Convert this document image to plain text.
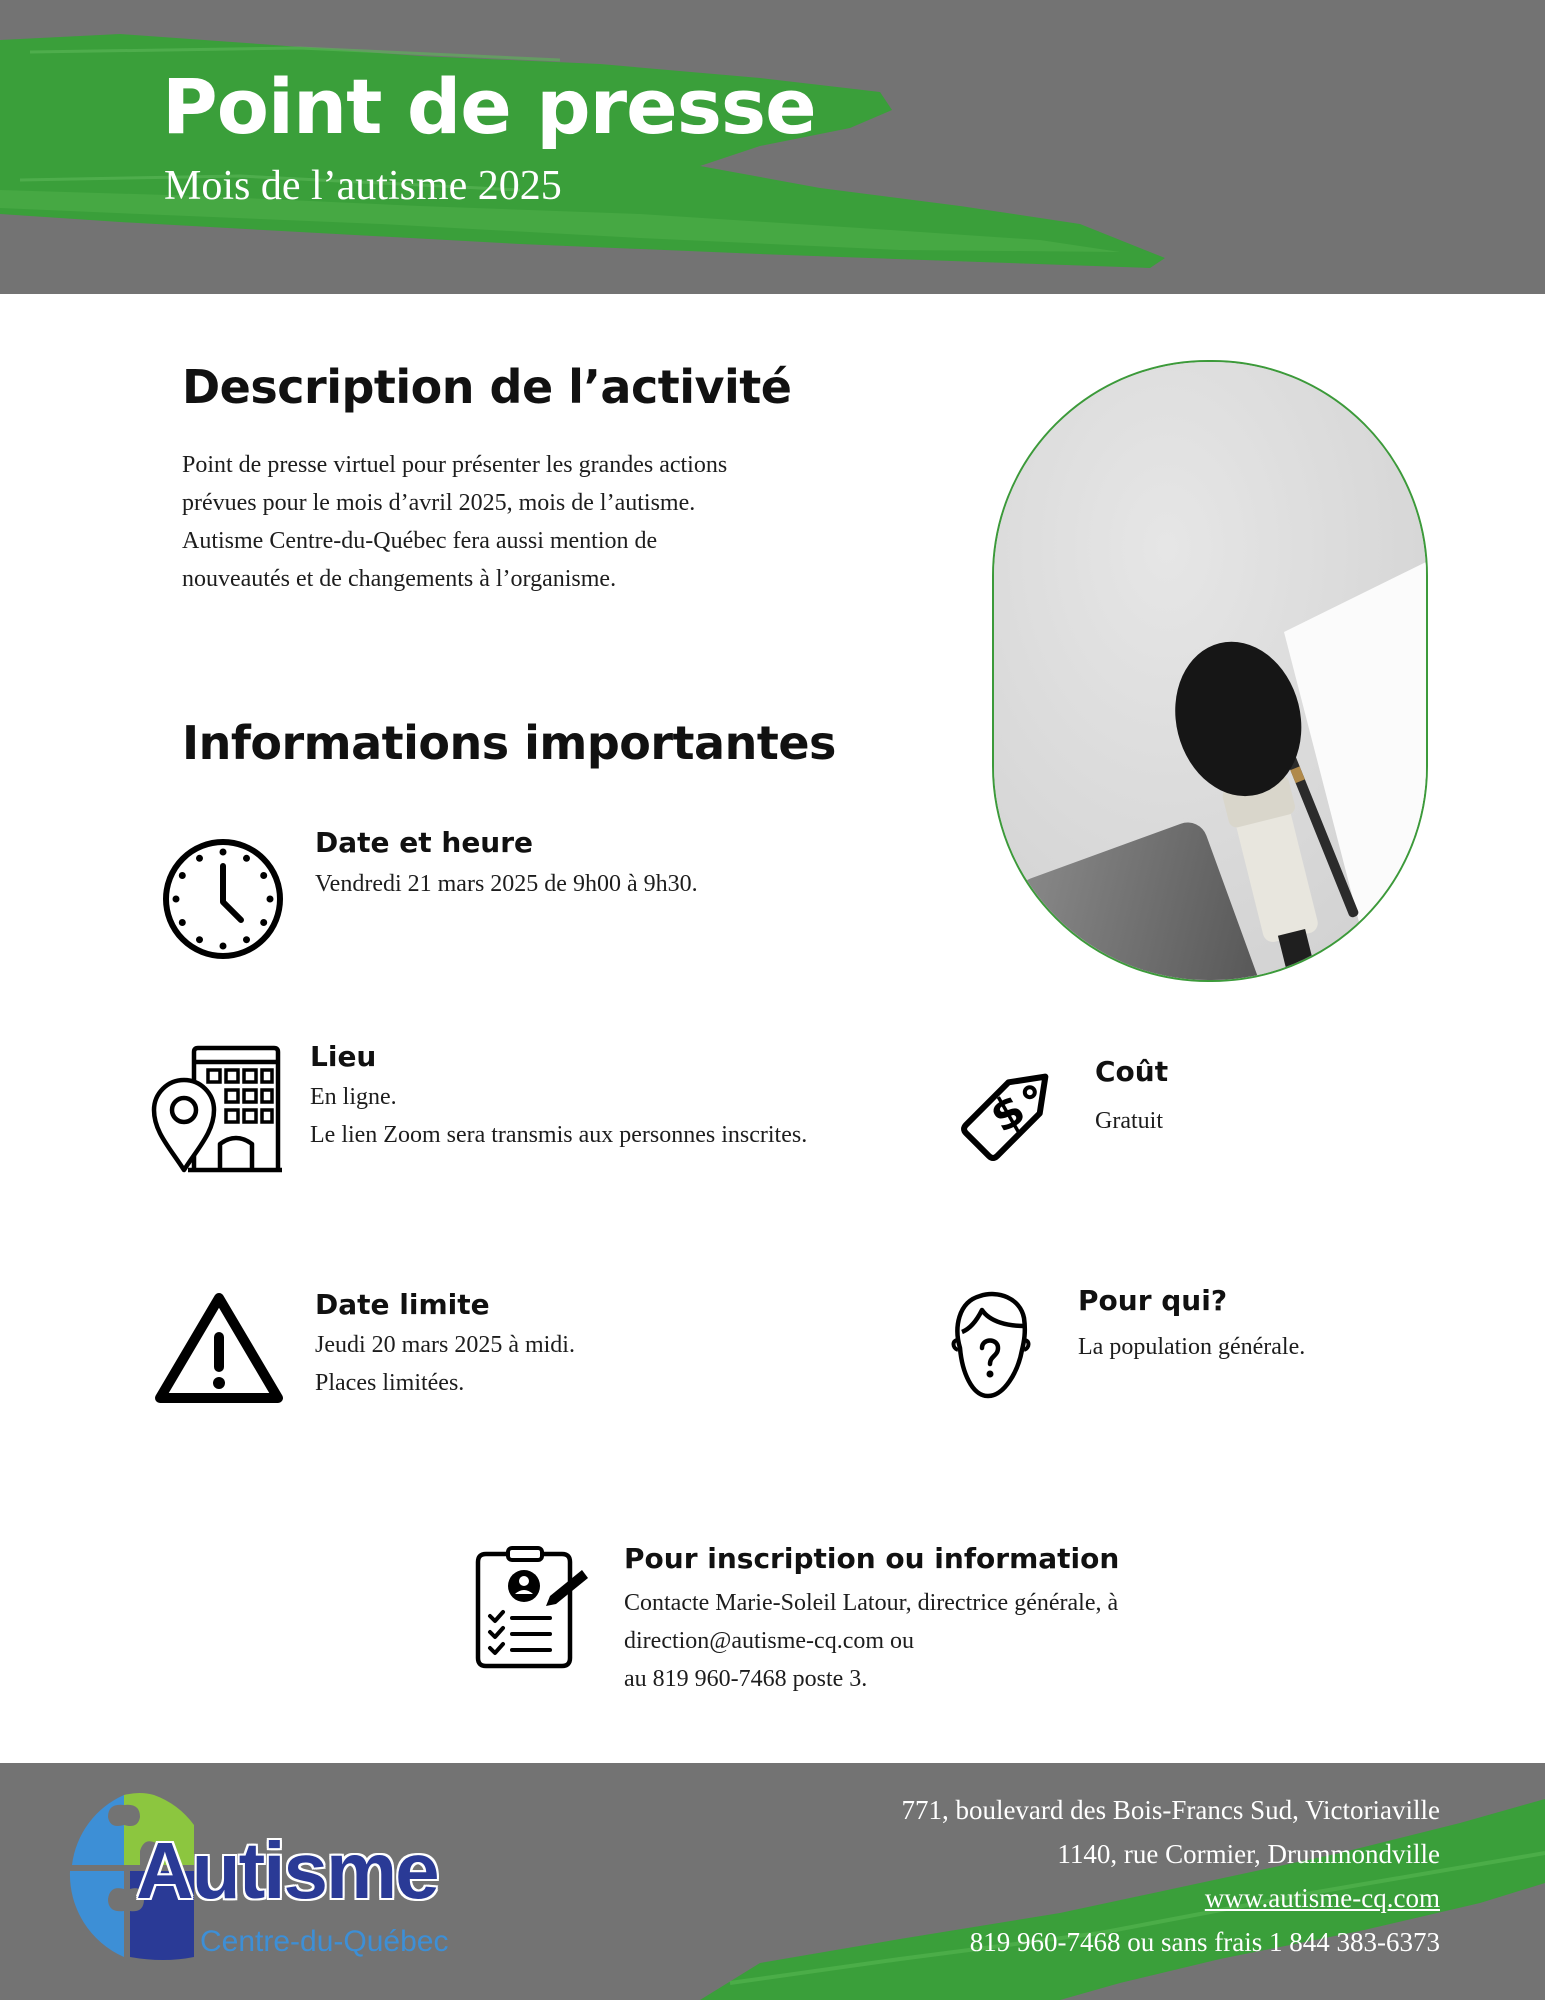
Point de presse
Mois de l’autisme 2025
Description de l’activité
Point de presse virtuel pour présenter les grandes actions
prévues pour le mois d’avril 2025, mois de l’autisme.
Autisme Centre-du-Québec fera aussi mention de
nouveautés et de changements à l’organisme.
Informations importantes
Date et heure
Vendredi 21 mars 2025 de 9h00 à 9h30.
Lieu
En ligne.
Le lien Zoom sera transmis aux personnes inscrites.	$
Coût
Gratuit
Date limite
Jeudi 20 mars 2025 à midi.
Places limitées.
Pour qui?
La population générale.
Pour inscription ou information
Contacte Marie-Soleil Latour, directrice générale, à
direction@autisme-cq.com ou
au 819 960-7468 poste 3.
Autisme
Centre-du-Québec
771, boulevard des Bois-Francs Sud, Victoriaville
1140, rue Cormier, Drummondville
www.autisme-cq.com
819 960-7468 ou sans frais 1 844 383-6373
